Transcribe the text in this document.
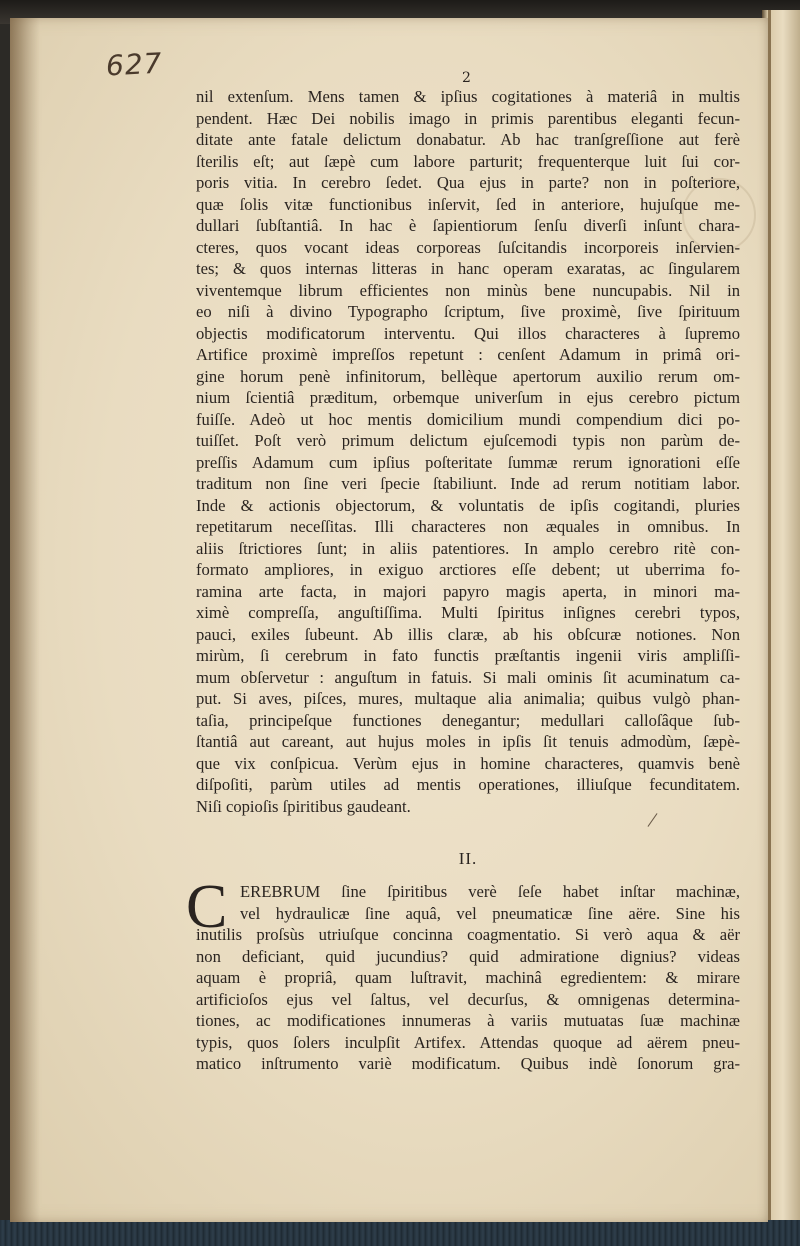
627	2
nil extenſum. Mens tamen & ipſius cogitationes à materiâ in multis
pendent. Hæc Dei nobilis imago in primis parentibus eleganti fecun-
ditate ante fatale delictum donabatur. Ab hac tranſgreſſione aut ferè
ſterilis eſt; aut ſæpè cum labore parturit; frequenterque luit ſui cor-
poris vitia. In cerebro ſedet. Qua ejus in parte? non in poſteriore,
quæ ſolis vitæ functionibus inſervit, ſed in anteriore, hujuſque me-
dullari ſubſtantiâ. In hac è ſapientiorum ſenſu diverſi inſunt chara-
cteres, quos vocant ideas corporeas ſuſcitandis incorporeis inſervien-
tes; & quos internas litteras in hanc operam exaratas, ac ſingularem
viventemque librum efficientes non minùs bene nuncupabis. Nil in
eo niſi à divino Typographo ſcriptum, ſive proximè, ſive ſpirituum
objectis modificatorum interventu. Qui illos characteres à ſupremo
Artifice proximè impreſſos repetunt : cenſent Adamum in primâ ori-
gine horum penè infinitorum, bellèque apertorum auxilio rerum om-
nium ſcientiâ præditum, orbemque univerſum in ejus cerebro pictum
fuiſſe. Adeò ut hoc mentis domicilium mundi compendium dici po-
tuiſſet. Poſt verò primum delictum ejuſcemodi typis non parùm de-
preſſis Adamum cum ipſius poſteritate ſummæ rerum ignorationi eſſe
traditum non ſine veri ſpecie ſtabiliunt. Inde ad rerum notitiam labor.
Inde & actionis objectorum, & voluntatis de ipſis cogitandi, pluries
repetitarum neceſſitas. Illi characteres non æquales in omnibus. In
aliis ſtrictiores ſunt; in aliis patentiores. In amplo cerebro ritè con-
formato ampliores, in exiguo arctiores eſſe debent; ut uberrima fo-
ramina arte facta, in majori papyro magis aperta, in minori ma-
ximè compreſſa, anguſtiſſima. Multi ſpiritus inſignes cerebri typos,
pauci, exiles ſubeunt. Ab illis claræ, ab his obſcuræ notiones. Non
mirùm, ſi cerebrum in fato functis præſtantis ingenii viris ampliſſi-
mum obſervetur : anguſtum in fatuis. Si mali ominis ſit acuminatum ca-
put. Si aves, piſces, mures, multaque alia animalia; quibus vulgò phan-
taſia, principeſque functiones denegantur; medullari calloſâque ſub-
ſtantiâ aut careant, aut hujus moles in ipſis ſit tenuis admodùm, ſæpè-
que vix conſpicua. Verùm ejus in homine characteres, quamvis benè
diſpoſiti, parùm utiles ad mentis operationes, illiuſque fecunditatem.
Niſi copioſis ſpiritibus gaudeant.
II.
C EREBRUM ſine ſpiritibus verè ſeſe habet inſtar machinæ,
vel hydraulicæ ſine aquâ, vel pneumaticæ ſine aëre. Sine his
inutilis proſsùs utriuſque concinna coagmentatio. Si verò aqua & aër
non deficiant, quid jucundius? quid admiratione dignius? videas
aquam è propriâ, quam luſtravit, machinâ egredientem: & mirare
artificioſos ejus vel ſaltus, vel decurſus, & omnigenas determina-
tiones, ac modificationes innumeras à variis mutuatas ſuæ machinæ
typis, quos ſolers inculpſit Artifex. Attendas quoque ad aërem pneu-
matico inſtrumento variè modificatum. Quibus indè ſonorum gra-
